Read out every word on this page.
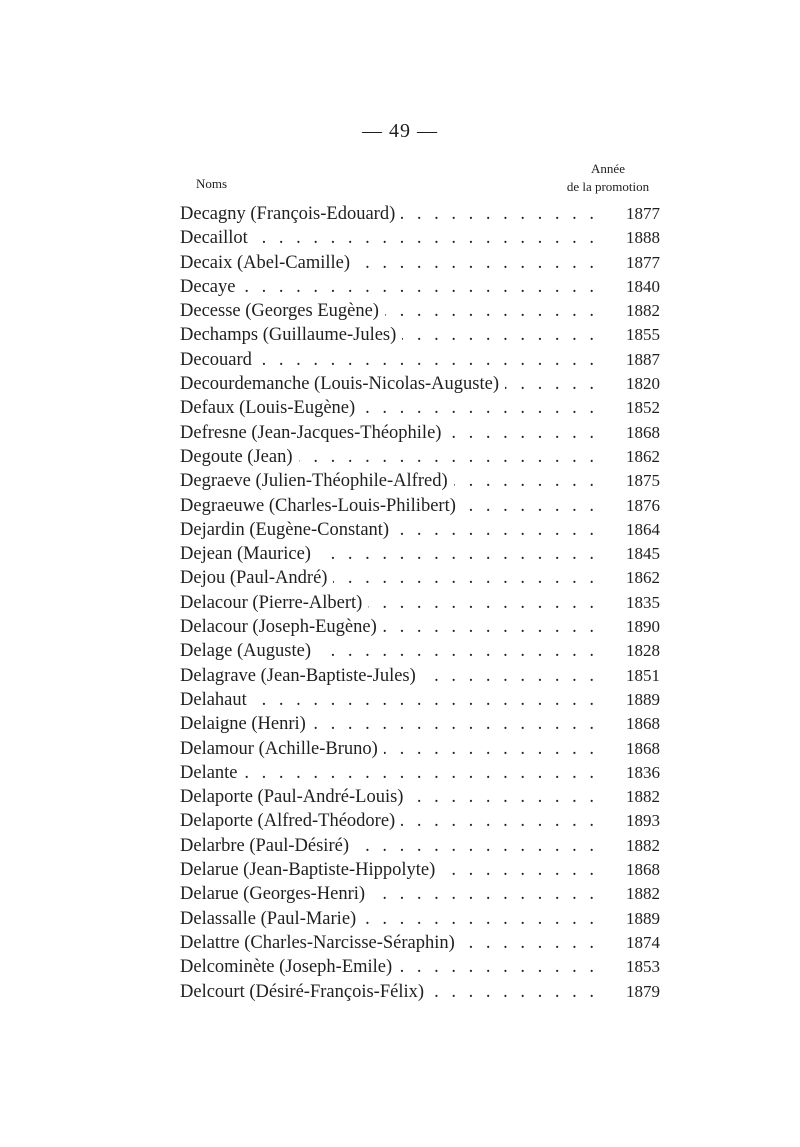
— 49 —
Noms
Année
de la promotion
Decagny (François-Edouard) . . .	1877
Decaillot . . .	1888
Decaix (Abel-Camille) . . .	1877
Decaye . . .	1840
Decesse (Georges Eugène) . . .	1882
Dechamps (Guillaume-Jules) . . .	1855
Decouard . . .	1887
Decourdemanche (Louis-Nicolas-Auguste) . . .	1820
Defaux (Louis-Eugène) . . .	1852
Defresne (Jean-Jacques-Théophile) . . .	1868
Degoute (Jean) . . .	1862
Degraeve (Julien-Théophile-Alfred) . . .	1875
Degraeuwe (Charles-Louis-Philibert) . . .	1876
Dejardin (Eugène-Constant) . . .	1864
Dejean (Maurice) . . .	1845
Dejou (Paul-André) . . .	1862
Delacour (Pierre-Albert) . . .	1835
Delacour (Joseph-Eugène) . . .	1890
Delage (Auguste) . . .	1828
Delagrave (Jean-Baptiste-Jules) . . .	1851
Delahaut . . .	1889
Delaigne (Henri) . . .	1868
Delamour (Achille-Bruno) . . .	1868
Delante . . .	1836
Delaporte (Paul-André-Louis) . . .	1882
Delaporte (Alfred-Théodore) . . .	1893
Delarbre (Paul-Désiré) . . .	1882
Delarue (Jean-Baptiste-Hippolyte) . . .	1868
Delarue (Georges-Henri) . . .	1882
Delassalle (Paul-Marie) . . .	1889
Delattre (Charles-Narcisse-Séraphin) . . .	1874
Delcominète (Joseph-Emile) . . .	1853
Delcourt (Désiré-François-Félix) . . .	1879
